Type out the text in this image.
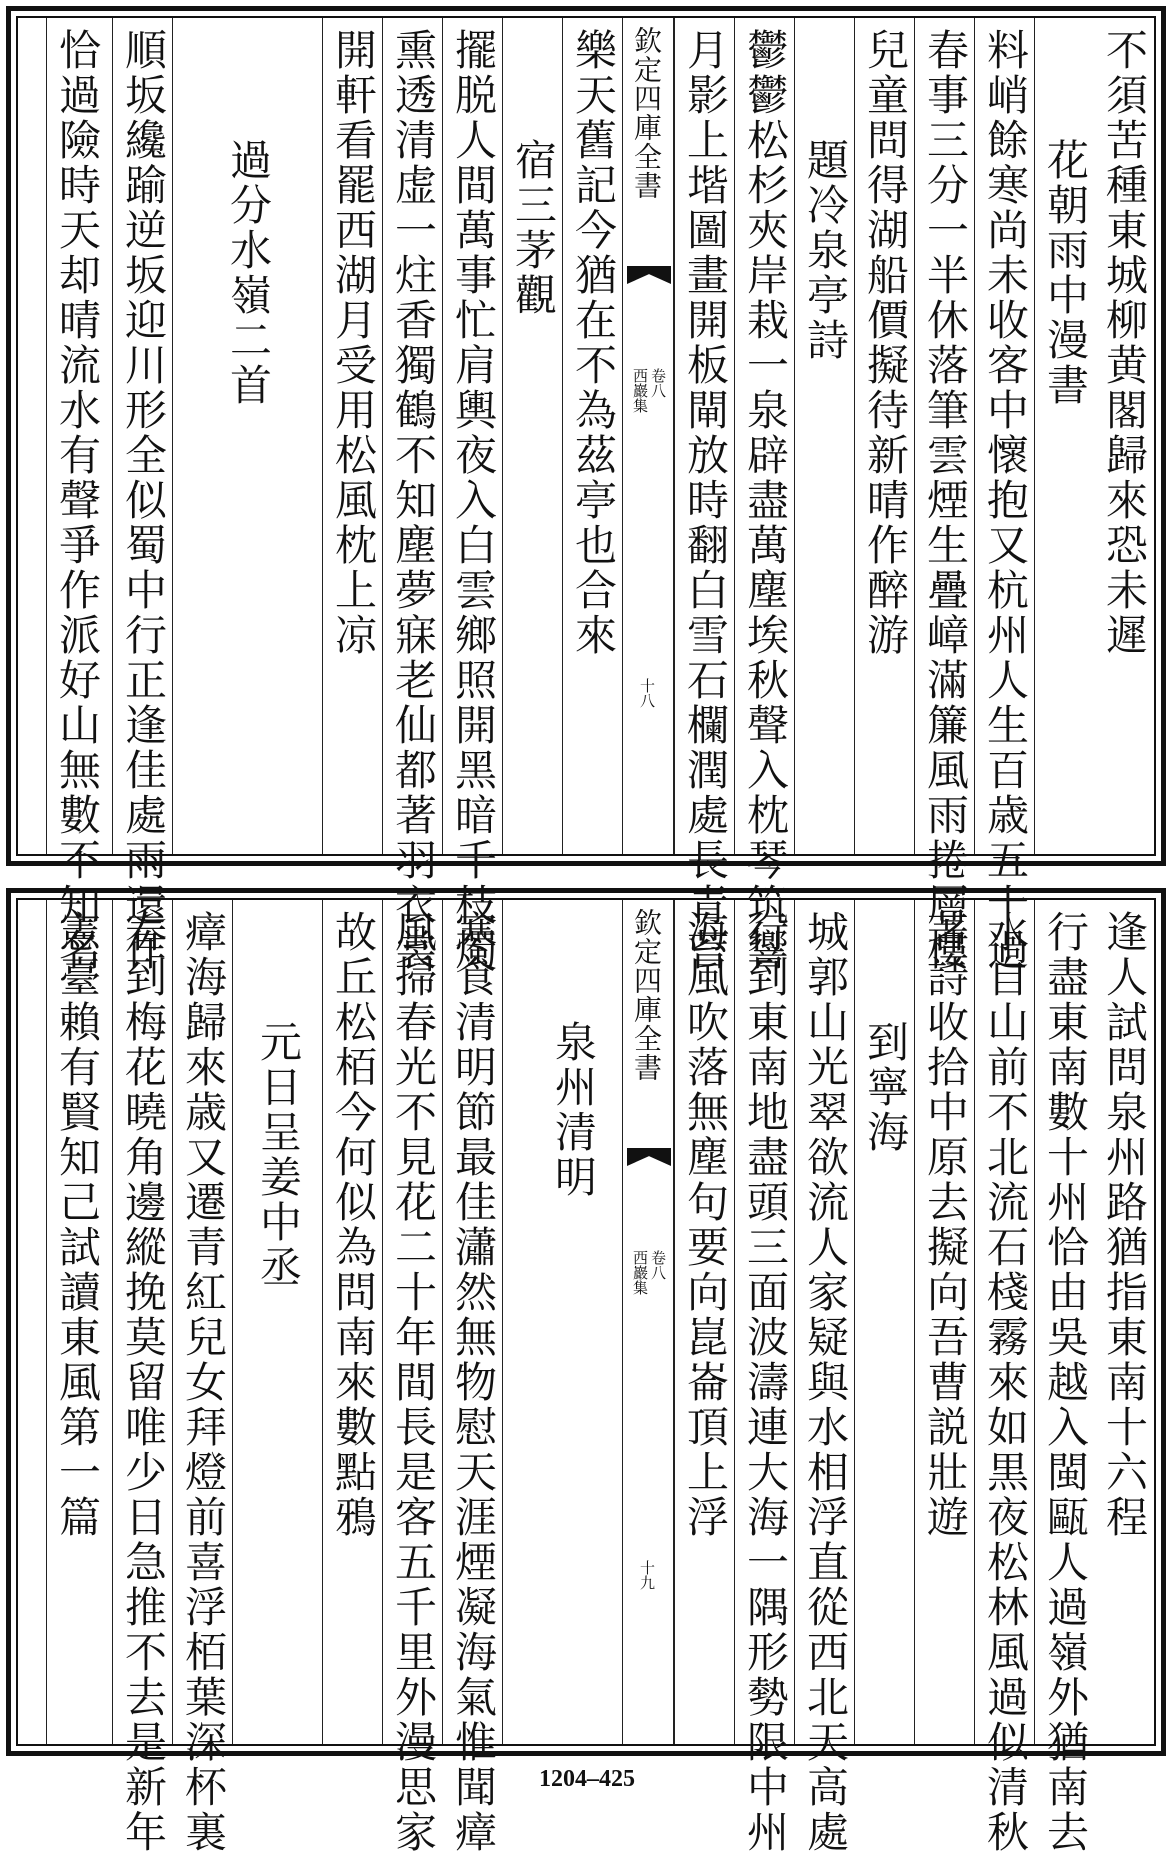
不須苦種東城柳黄閣歸來恐未遲
花朝雨中漫書
料峭餘寒尚未收客中懷抱又杭州人生百歳五十過
春事三分一半休落筆雲煙生疊嶂滿簾風雨捲層樓
兒童問得湖船價擬待新晴作醉游
題冷泉亭詩
鬱鬱松杉夾岸栽一泉辟盡萬塵埃秋聲入枕琴筑響
月影上堦圖畫開板閘放時翻白雪石欄潤處長青苔
欽定四庫全書
西巖集 卷八
十八
樂天舊記今猶在不為茲亭也合來
宿三茅觀
擺脱人間萬事忙肩輿夜入白雲鄉照開黑暗千枝燭
熏透清虚一炷香獨鶴不知塵夢寐老仙都著羽衣裳
開軒看罷西湖月受用松風枕上凉
過分水嶺二首
順坂纔踰逆坂迎川形全似蜀中行正逢佳處雨還作
恰過險時天却晴流水有聲爭作派好山無數不知名
逢人試問泉州路猶指東南十六程
行盡東南數十州恰由吳越入閩甌人過嶺外猶南去
水自山前不北流石棧霧來如黒夜松林風過似清秋
著詩收拾中原去擬向吾曹説壯遊
到寧海
城郭山光翠欲流人家疑與水相浮直從西北天高處
行到東南地盡頭三面波濤連大海一隅形勢限中州
海風吹落無塵句要向崑崙頂上浮
欽定四庫全書
西巖集 卷八
十九
泉州清明
寒食清明節最佳瀟然無物慰天涯煙凝海氣惟聞瘴
風掃春光不見花二十年間長是客五千里外漫思家
故丘松栢今何似為問南來數點鴉
元日呈姜中丞
瘴海歸來歳又遷青紅兒女拜燈前喜浮栢葉深杯裏
春到梅花曉角邊縱挽莫留唯少日急推不去是新年
憲臺賴有賢知己試讀東風第一篇
1204–425
